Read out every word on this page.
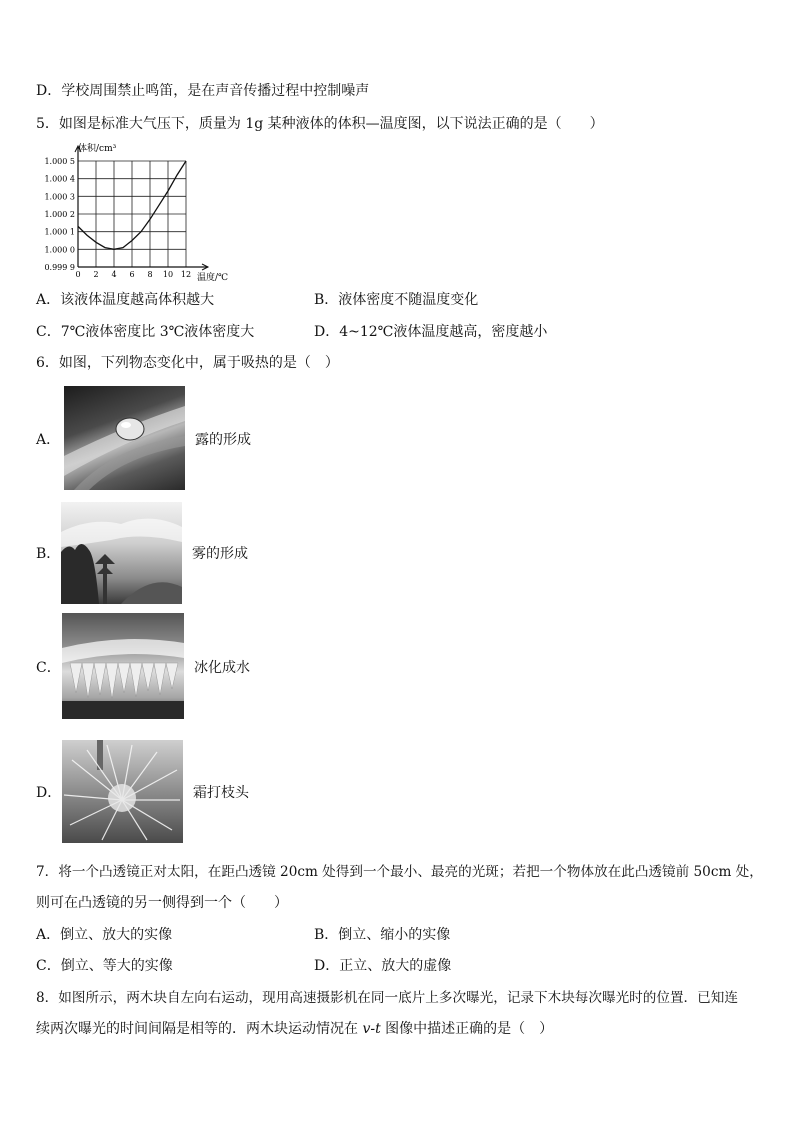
D．学校周围禁止鸣笛，是在声音传播过程中控制噪声
5．如图是标准大气压下，质量为 1g 某种液体的体积—温度图，以下说法正确的是（　　）
0 2 4 6 8 10 12
0.999 9
1.000 0
1.000 1
1.000 2
1.000 3
1.000 4
1.000 5
体积/cm³
温度/℃
A．该液体温度越高体积越大	B．液体密度不随温度变化
C．7℃液体密度比 3℃液体密度大	D．4~12℃液体温度越高，密度越小
6．如图，下列物态变化中，属于吸热的是（　）
A．	露的形成
B．	雾的形成
C．	冰化成水
D．	霜打枝头
7．将一个凸透镜正对太阳，在距凸透镜 20cm 处得到一个最小、最亮的光斑；若把一个物体放在此凸透镜前 50cm 处，
则可在凸透镜的另一侧得到一个（　　）
A．倒立、放大的实像	B．倒立、缩小的实像
C．倒立、等大的实像	D．正立、放大的虚像
8．如图所示，两木块自左向右运动，现用高速摄影机在同一底片上多次曝光，记录下木块每次曝光时的位置．已知连
续两次曝光的时间间隔是相等的．两木块运动情况在 v-t 图像中描述正确的是（　）
